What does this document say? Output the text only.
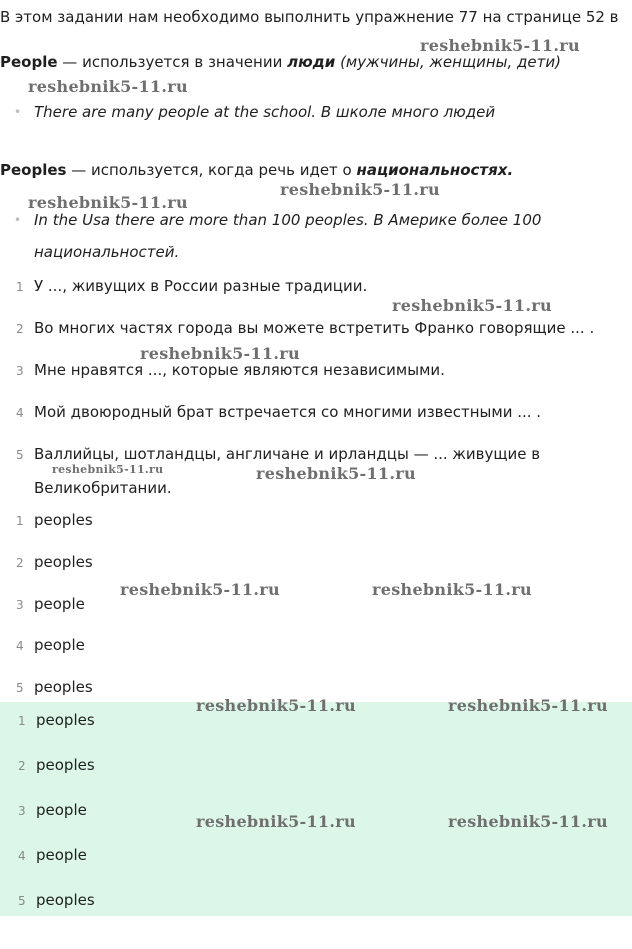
В этом задании нам необходимо выполнить упражнение 77 на странице 52 в
People — используется в значении люди (мужчины, женщины, дети)
• There are many people at the school. В школе много людей
Peoples — используется, когда речь идет о национальностях.
• In the Usa there are more than 100 peoples. В Америке более 100
национальностей.
1 У ..., живущих в России разные традиции.
2 Во многих частях города вы можете встретить Франко говорящие ... .
3 Мне нравятся ..., которые являются независимыми.
4 Мой двоюродный брат встречается со многими известными ... .
5 Валлийцы, шотландцы, англичане и ирландцы — ... живущие в
Великобритании.
1 peoples
2 peoples
3 people
4 people
5 peoples
1 peoples
2 peoples
3 people
4 people
5 peoples
reshebnik5-11.ru
reshebnik5-11.ru
reshebnik5-11.ru
reshebnik5-11.ru
reshebnik5-11.ru
reshebnik5-11.ru
reshebnik5-11.ru	reshebnik5-11.ru
reshebnik5-11.ru	reshebnik5-11.ru
reshebnik5-11.ru	reshebnik5-11.ru
reshebnik5-11.ru	reshebnik5-11.ru
